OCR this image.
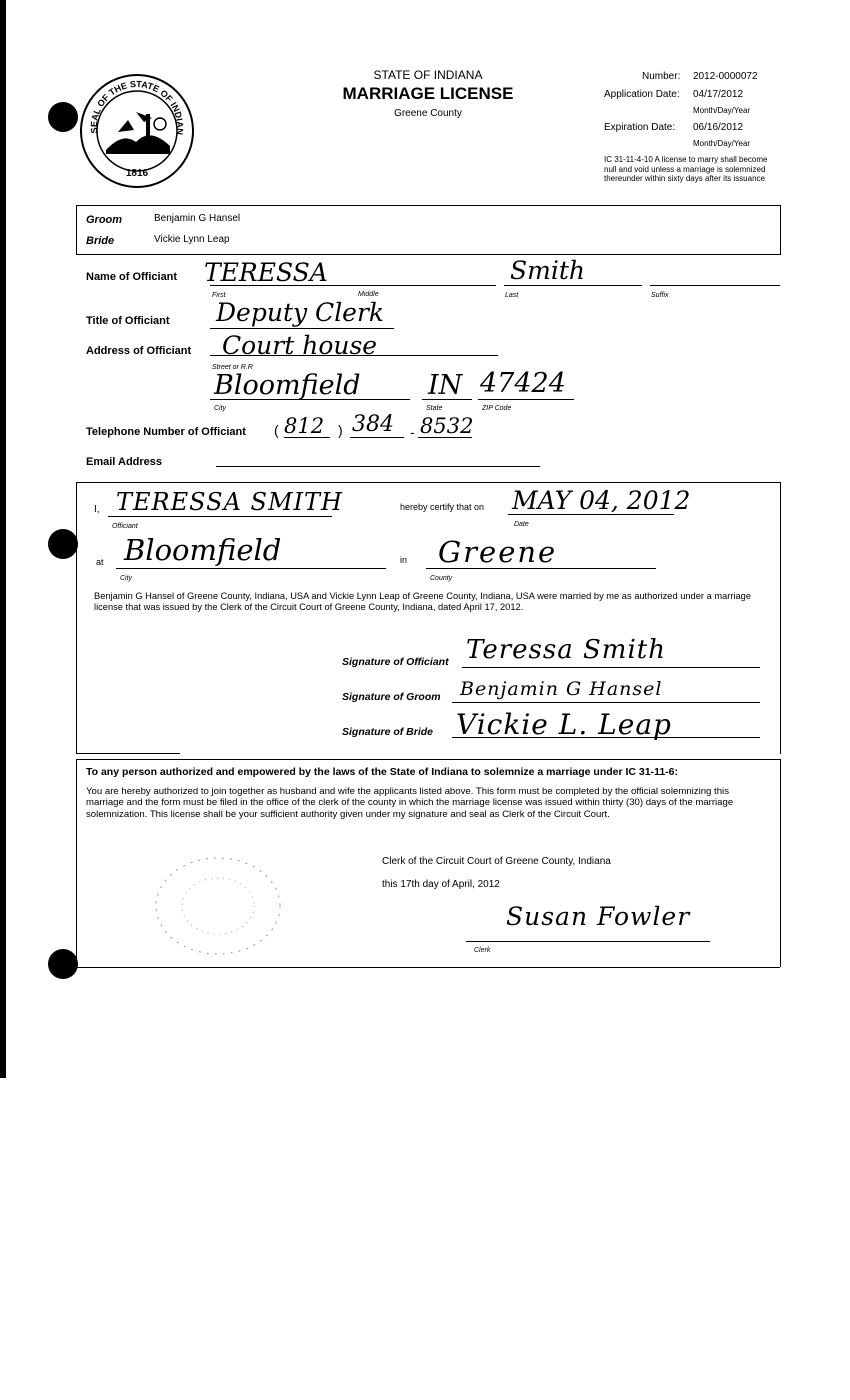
SEAL OF THE STATE OF INDIAN
1816
STATE OF INDIANA
MARRIAGE LICENSE
Greene County
Number: 2012-0000072
Application Date: 04/17/2012
Month/Day/Year
Expiration Date: 06/16/2012
Month/Day/Year
IC 31-11-4-10 A license to marry shall become null and void unless a marriage is solemnized thereunder within sixty days after its issuance
Groom	Benjamin G Hansel
Bride	Vickie Lynn Leap
Name of Officiant TERESSA	Smith
First	Middle	Last	Suffix
Title of Officiant Deputy Clerk
Address of Officiant Court house
Street or R.R
Bloomfield	IN 47424
City	State	ZIP Code
Telephone Number of Officiant ( 812 ) 384 - 8532
Email Address
I, TERESSA SMITH
Officiant
hereby certify that on MAY 04, 2012
Date
at Bloomfield
City
in Greene
County
Benjamin G Hansel of Greene County, Indiana, USA and Vickie Lynn Leap of Greene County, Indiana, USA were married by me as authorized under a marriage license that was issued by the Clerk of the Circuit Court of Greene County, Indiana, dated April 17, 2012.
Signature of Officiant Teressa Smith
Signature of Groom Benjamin G Hansel
Signature of Bride Vickie L. Leap
To any person authorized and empowered by the laws of the State of Indiana to solemnize a marriage under IC 31-11-6:
You are hereby authorized to join together as husband and wife the applicants listed above. This form must be completed by the official solemnizing this marriage and the form must be filed in the office of the clerk of the county in which the marriage license was issued within thirty (30) days of the marriage solemnization. This license shall be your sufficient authority given under my signature and seal as Clerk of the Circuit Court.
Clerk of the Circuit Court of Greene County, Indiana
this 17th day of April, 2012
Susan Fowler
Clerk
